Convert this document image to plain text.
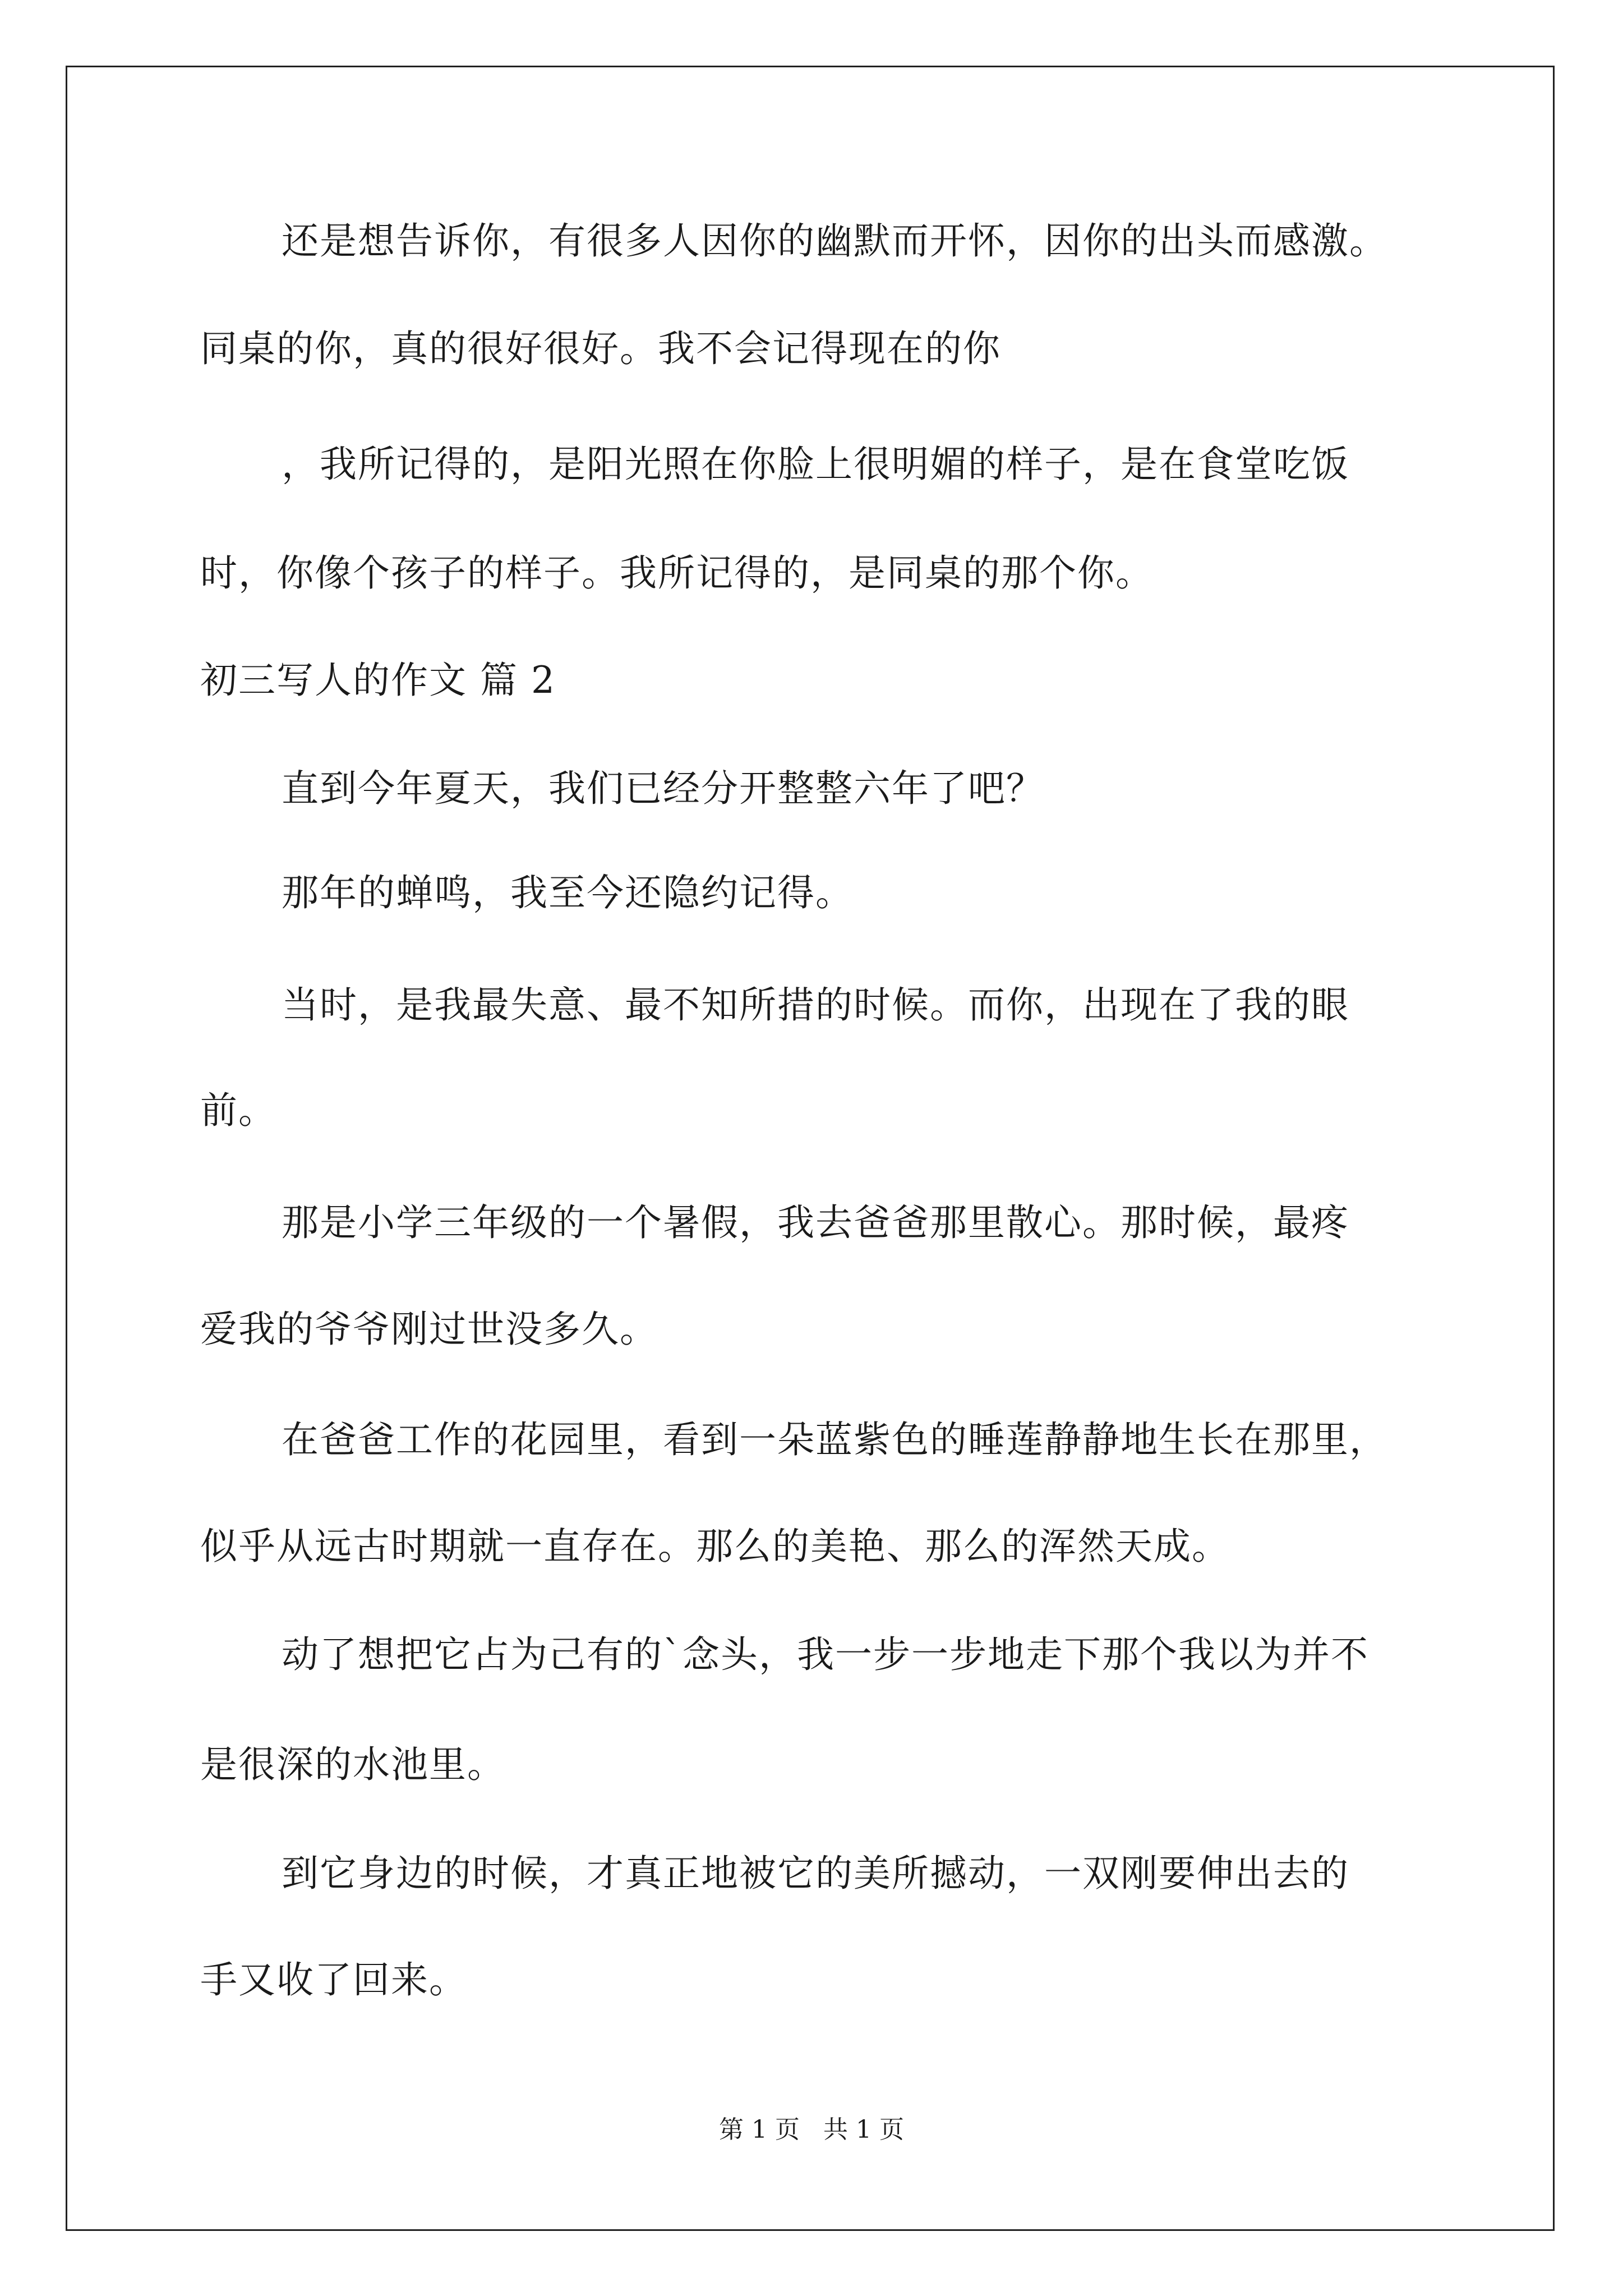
还是想告诉你，有很多人因你的幽默而开怀，因你的出头而感激。
同桌的你，真的很好很好。我不会记得现在的你
，我所记得的，是阳光照在你脸上很明媚的样子，是在食堂吃饭
时，你像个孩子的样子。我所记得的，是同桌的那个你。
初三写人的作文 篇 2
直到今年夏天，我们已经分开整整六年了吧？
那年的蝉鸣，我至今还隐约记得。
当时，是我最失意、最不知所措的时候。而你，出现在了我的眼
前。
那是小学三年级的一个暑假，我去爸爸那里散心。那时候，最疼
爱我的爷爷刚过世没多久。
在爸爸工作的花园里，看到一朵蓝紫色的睡莲静静地生长在那里，
似乎从远古时期就一直存在。那么的美艳、那么的浑然天成。
动了想把它占为己有的`念头，我一步一步地走下那个我以为并不
是很深的水池里。
到它身边的时候，才真正地被它的美所撼动，一双刚要伸出去的
手又收了回来。
第 1 页   共 1 页
